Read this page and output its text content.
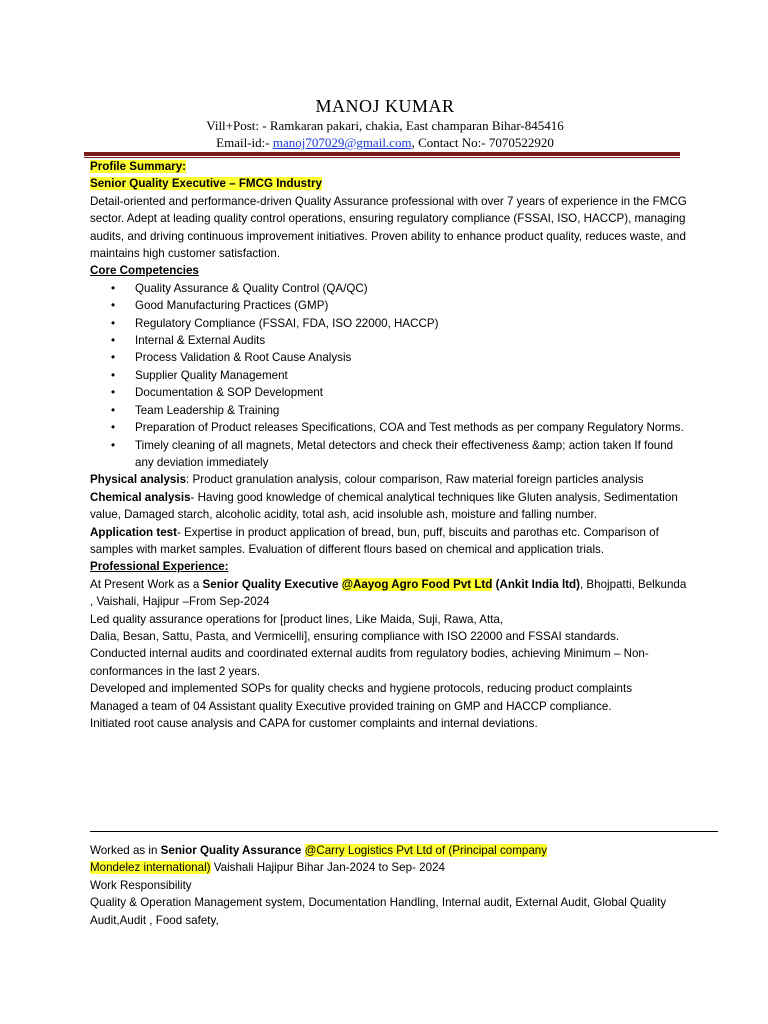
MANOJ KUMAR
Vill+Post: - Ramkaran pakari, chakia, East champaran Bihar-845416
Email-id:- manoj707029@gmail.com, Contact No:- 7070522920

Profile Summary:

Senior Quality Executive – FMCG Industry

Detail-oriented and performance-driven Quality Assurance professional with over 7 years of experience in the FMCG sector. Adept at leading quality control operations, ensuring regulatory compliance (FSSAI, ISO, HACCP), managing audits, and driving continuous improvement initiatives. Proven ability to enhance product quality, reduces waste, and maintains high customer satisfaction.

Core Competencies

• Quality Assurance & Quality Control (QA/QC)
• Good Manufacturing Practices (GMP)
• Regulatory Compliance (FSSAI, FDA, ISO 22000, HACCP)
• Internal & External Audits
• Process Validation & Root Cause Analysis
• Supplier Quality Management
• Documentation & SOP Development
• Team Leadership & Training
• Preparation of Product releases Specifications, COA and Test methods as per company Regulatory Norms.
• Timely cleaning of all magnets, Metal detectors and check their effectiveness &amp; action taken If found any deviation immediately

Physical analysis: Product granulation analysis, colour comparison, Raw material foreign particles analysis

Chemical analysis- Having good knowledge of chemical analytical techniques like Gluten analysis, Sedimentation value, Damaged starch, alcoholic acidity, total ash, acid insoluble ash, moisture and falling number.

Application test- Expertise in product application of bread, bun, puff, biscuits and parothas etc. Comparison of samples with market samples. Evaluation of different flours based on chemical and application trials.

Professional Experience:

At Present Work as a Senior Quality Executive @Aayog Agro Food Pvt Ltd (Ankit India ltd), Bhojpatti, Belkunda , Vaishali, Hajipur –From Sep-2024

Led quality assurance operations for [product lines, Like Maida, Suji, Rawa, Atta,

Dalia, Besan, Sattu, Pasta, and Vermicelli], ensuring compliance with ISO 22000 and FSSAI standards.

Conducted internal audits and coordinated external audits from regulatory bodies, achieving Minimum – Non-conformances in the last 2 years.

Developed and implemented SOPs for quality checks and hygiene protocols, reducing product complaints

Managed a team of 04 Assistant quality Executive provided training on GMP and HACCP compliance.

Initiated root cause analysis and CAPA for customer complaints and internal deviations.

Worked as in Senior Quality Assurance @Carry Logistics Pvt Ltd of (Principal company
Mondelez international) Vaishali Hajipur Bihar Jan-2024 to Sep- 2024

Work Responsibility

Quality & Operation Management system, Documentation Handling, Internal audit, External Audit, Global Quality Audit,Audit , Food safety,
